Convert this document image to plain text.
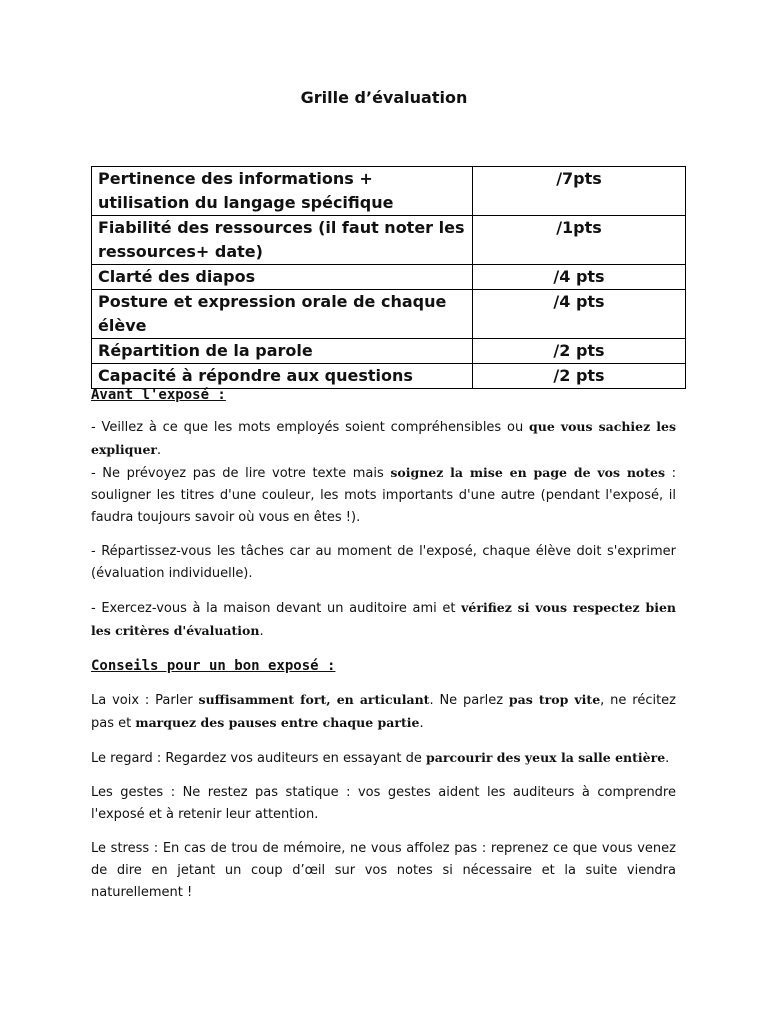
Grille d’évaluation
Pertinence des informations + utilisation du langage spécifique	/7pts
Fiabilité des ressources (il faut noter les ressources+ date)	/1pts
Clarté des diapos	/4 pts
Posture et expression orale de chaque élève	/4 pts
Répartition de la parole	/2 pts
Capacité à répondre aux questions	/2 pts

Avant l'exposé :

- Veillez à ce que les mots employés soient compréhensibles ou que vous sachiez les expliquer.

- Ne prévoyez pas de lire votre texte mais soignez la mise en page de vos notes : souligner les titres d'une couleur, les mots importants d'une autre (pendant l'exposé, il faudra toujours savoir où vous en êtes !).

- Répartissez-vous les tâches car au moment de l'exposé, chaque élève doit s'exprimer (évaluation individuelle).

- Exercez-vous à la maison devant un auditoire ami et vérifiez si vous respectez bien les critères d'évaluation.

Conseils pour un bon exposé :

La voix : Parler suffisamment fort, en articulant. Ne parlez pas trop vite, ne récitez pas et marquez des pauses entre chaque partie.

Le regard : Regardez vos auditeurs en essayant de parcourir des yeux la salle entière.

Les gestes : Ne restez pas statique : vos gestes aident les auditeurs à comprendre l'exposé et à retenir leur attention.

Le stress : En cas de trou de mémoire, ne vous affolez pas : reprenez ce que vous venez de dire en jetant un coup d’œil sur vos notes si nécessaire et la suite viendra naturellement !
